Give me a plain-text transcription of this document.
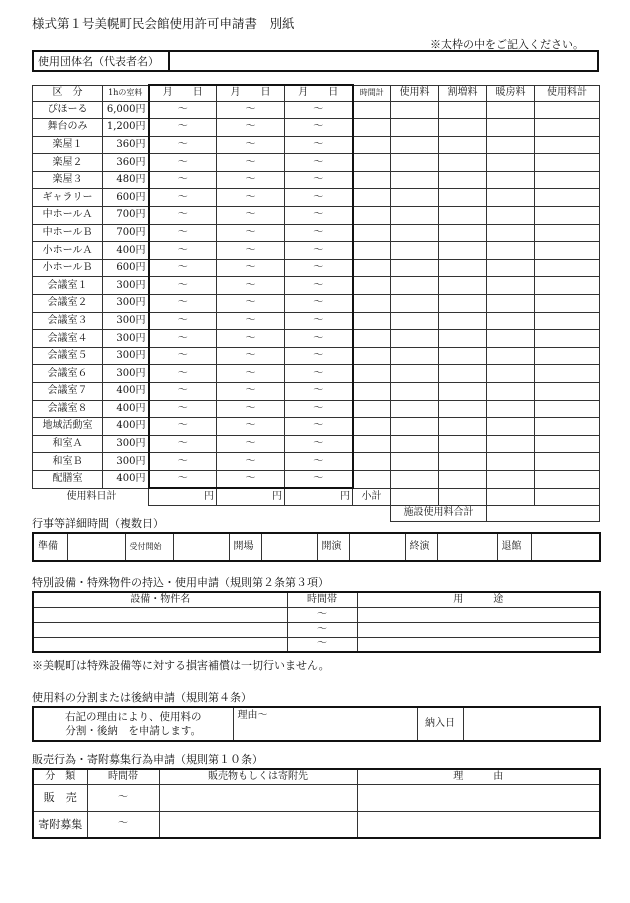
様式第１号美幌町民会館使用許可申請書　別紙
※太枠の中をご記入ください。
使用団体名（代表者名）	
区　分	1hの室料	月　　日	月　　日	月　　日	時間計	使用料	割増料	暖房料	使用料計
ぴほーる	6,000円	〜	〜	〜					
舞台のみ	1,200円	〜	〜	〜					
楽屋１	360円	〜	〜	〜					
楽屋２	360円	〜	〜	〜					
楽屋３	480円	〜	〜	〜					
ギャラリー	600円	〜	〜	〜					
中ホールＡ	700円	〜	〜	〜					
中ホールＢ	700円	〜	〜	〜					
小ホールＡ	400円	〜	〜	〜					
小ホールＢ	600円	〜	〜	〜					
会議室１	300円	〜	〜	〜					
会議室２	300円	〜	〜	〜					
会議室３	300円	〜	〜	〜					
会議室４	300円	〜	〜	〜					
会議室５	300円	〜	〜	〜					
会議室６	300円	〜	〜	〜					
会議室７	400円	〜	〜	〜					
会議室８	400円	〜	〜	〜					
地域活動室	400円	〜	〜	〜					
和室Ａ	300円	〜	〜	〜					
和室Ｂ	300円	〜	〜	〜					
配膳室	400円	〜	〜	〜					
使用料日計		円	円	円	小計				
						施設使用料合計			
行事等詳細時間（複数日）
準備		受付開始		開場		開演		終演		退館	
特別設備・特殊物件の持込・使用申請（規則第２条第３項）
設備・物件名	時間帯	用　　　途
	〜	
	〜	
	〜	
※美幌町は特殊設備等に対する損害補償は一切行いません。
使用料の分割または後納申請（規則第４条）
右記の理由により、使用料の
分割・後納　を申請します。
	理由〜	納入日	
販売行為・寄附募集行為申請（規則第１０条）
分　類	時間帯	販売物もしくは寄附先	理　　　由
販　売	〜		
寄附募集	〜		
